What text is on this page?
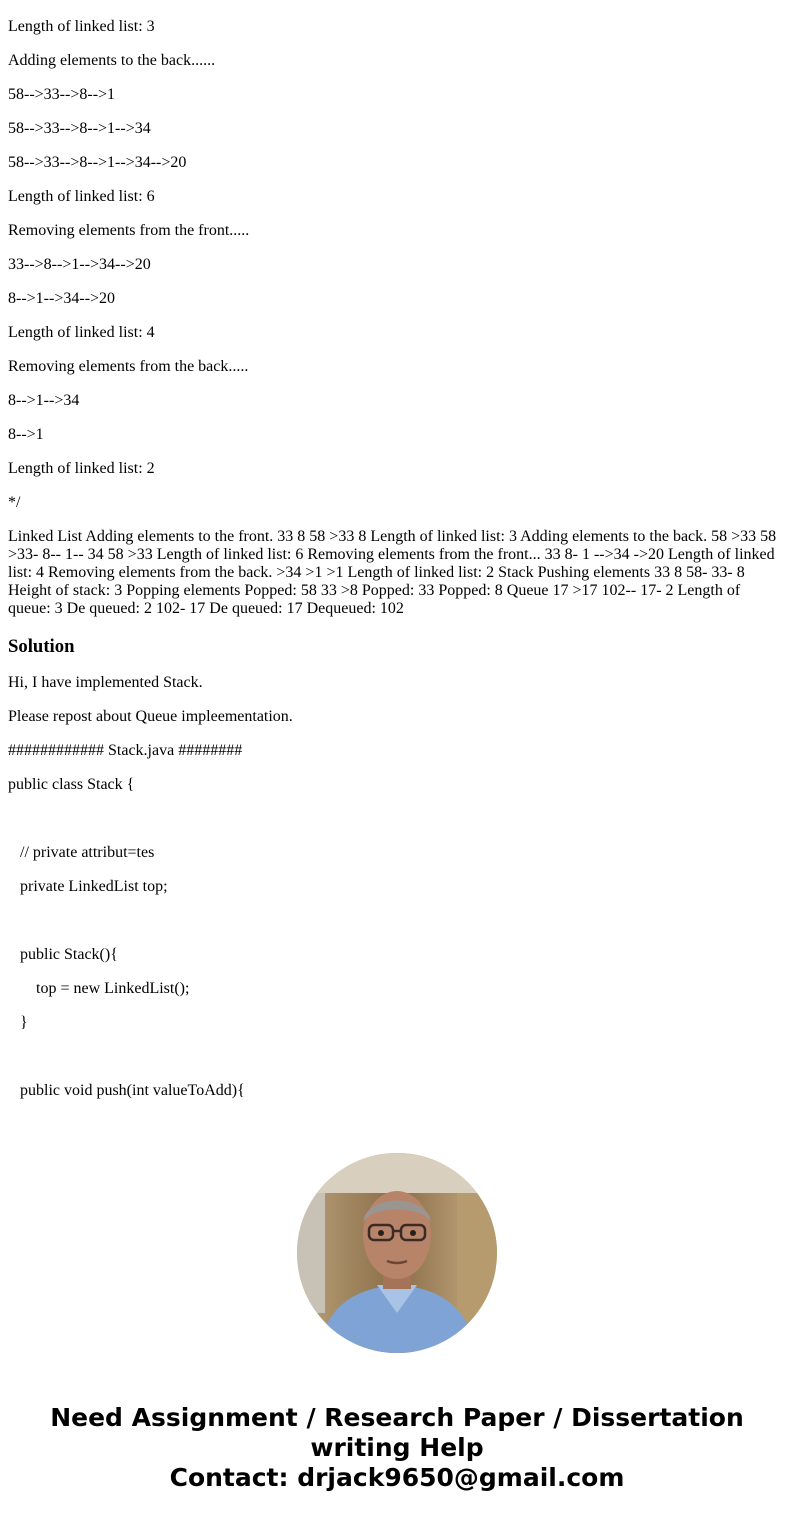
Length of linked list: 3

Adding elements to the back......

58-->33-->8-->1

58-->33-->8-->1-->34

58-->33-->8-->1-->34-->20

Length of linked list: 6

Removing elements from the front.....

33-->8-->1-->34-->20

8-->1-->34-->20

Length of linked list: 4

Removing elements from the back.....

8-->1-->34

8-->1

Length of linked list: 2

*/

Linked List Adding elements to the front. 33 8 58 >33 8 Length of linked list: 3 Adding elements to the back. 58 >33 58 >33- 8-- 1-- 34 58 >33 Length of linked list: 6 Removing elements from the front... 33 8- 1 -->34 ->20 Length of linked list: 4 Removing elements from the back. >34 >1 >1 Length of linked list: 2 Stack Pushing elements 33 8 58- 33- 8 Height of stack: 3 Popping elements Popped: 58 33 >8 Popped: 33 Popped: 8 Queue 17 >17 102-- 17- 2 Length of queue: 3 De queued: 2 102- 17 De queued: 17 Dequeued: 102

Solution

Hi, I have implemented Stack.

Please repost about Queue impleementation.

############ Stack.java ########

public class Stack {

// private attribut=tes

private LinkedList top;

public Stack(){

top = new LinkedList();

}

public void push(int valueToAdd){

Need Assignment / Research Paper / Dissertation
writing Help
Contact: drjack9650@gmail.com
